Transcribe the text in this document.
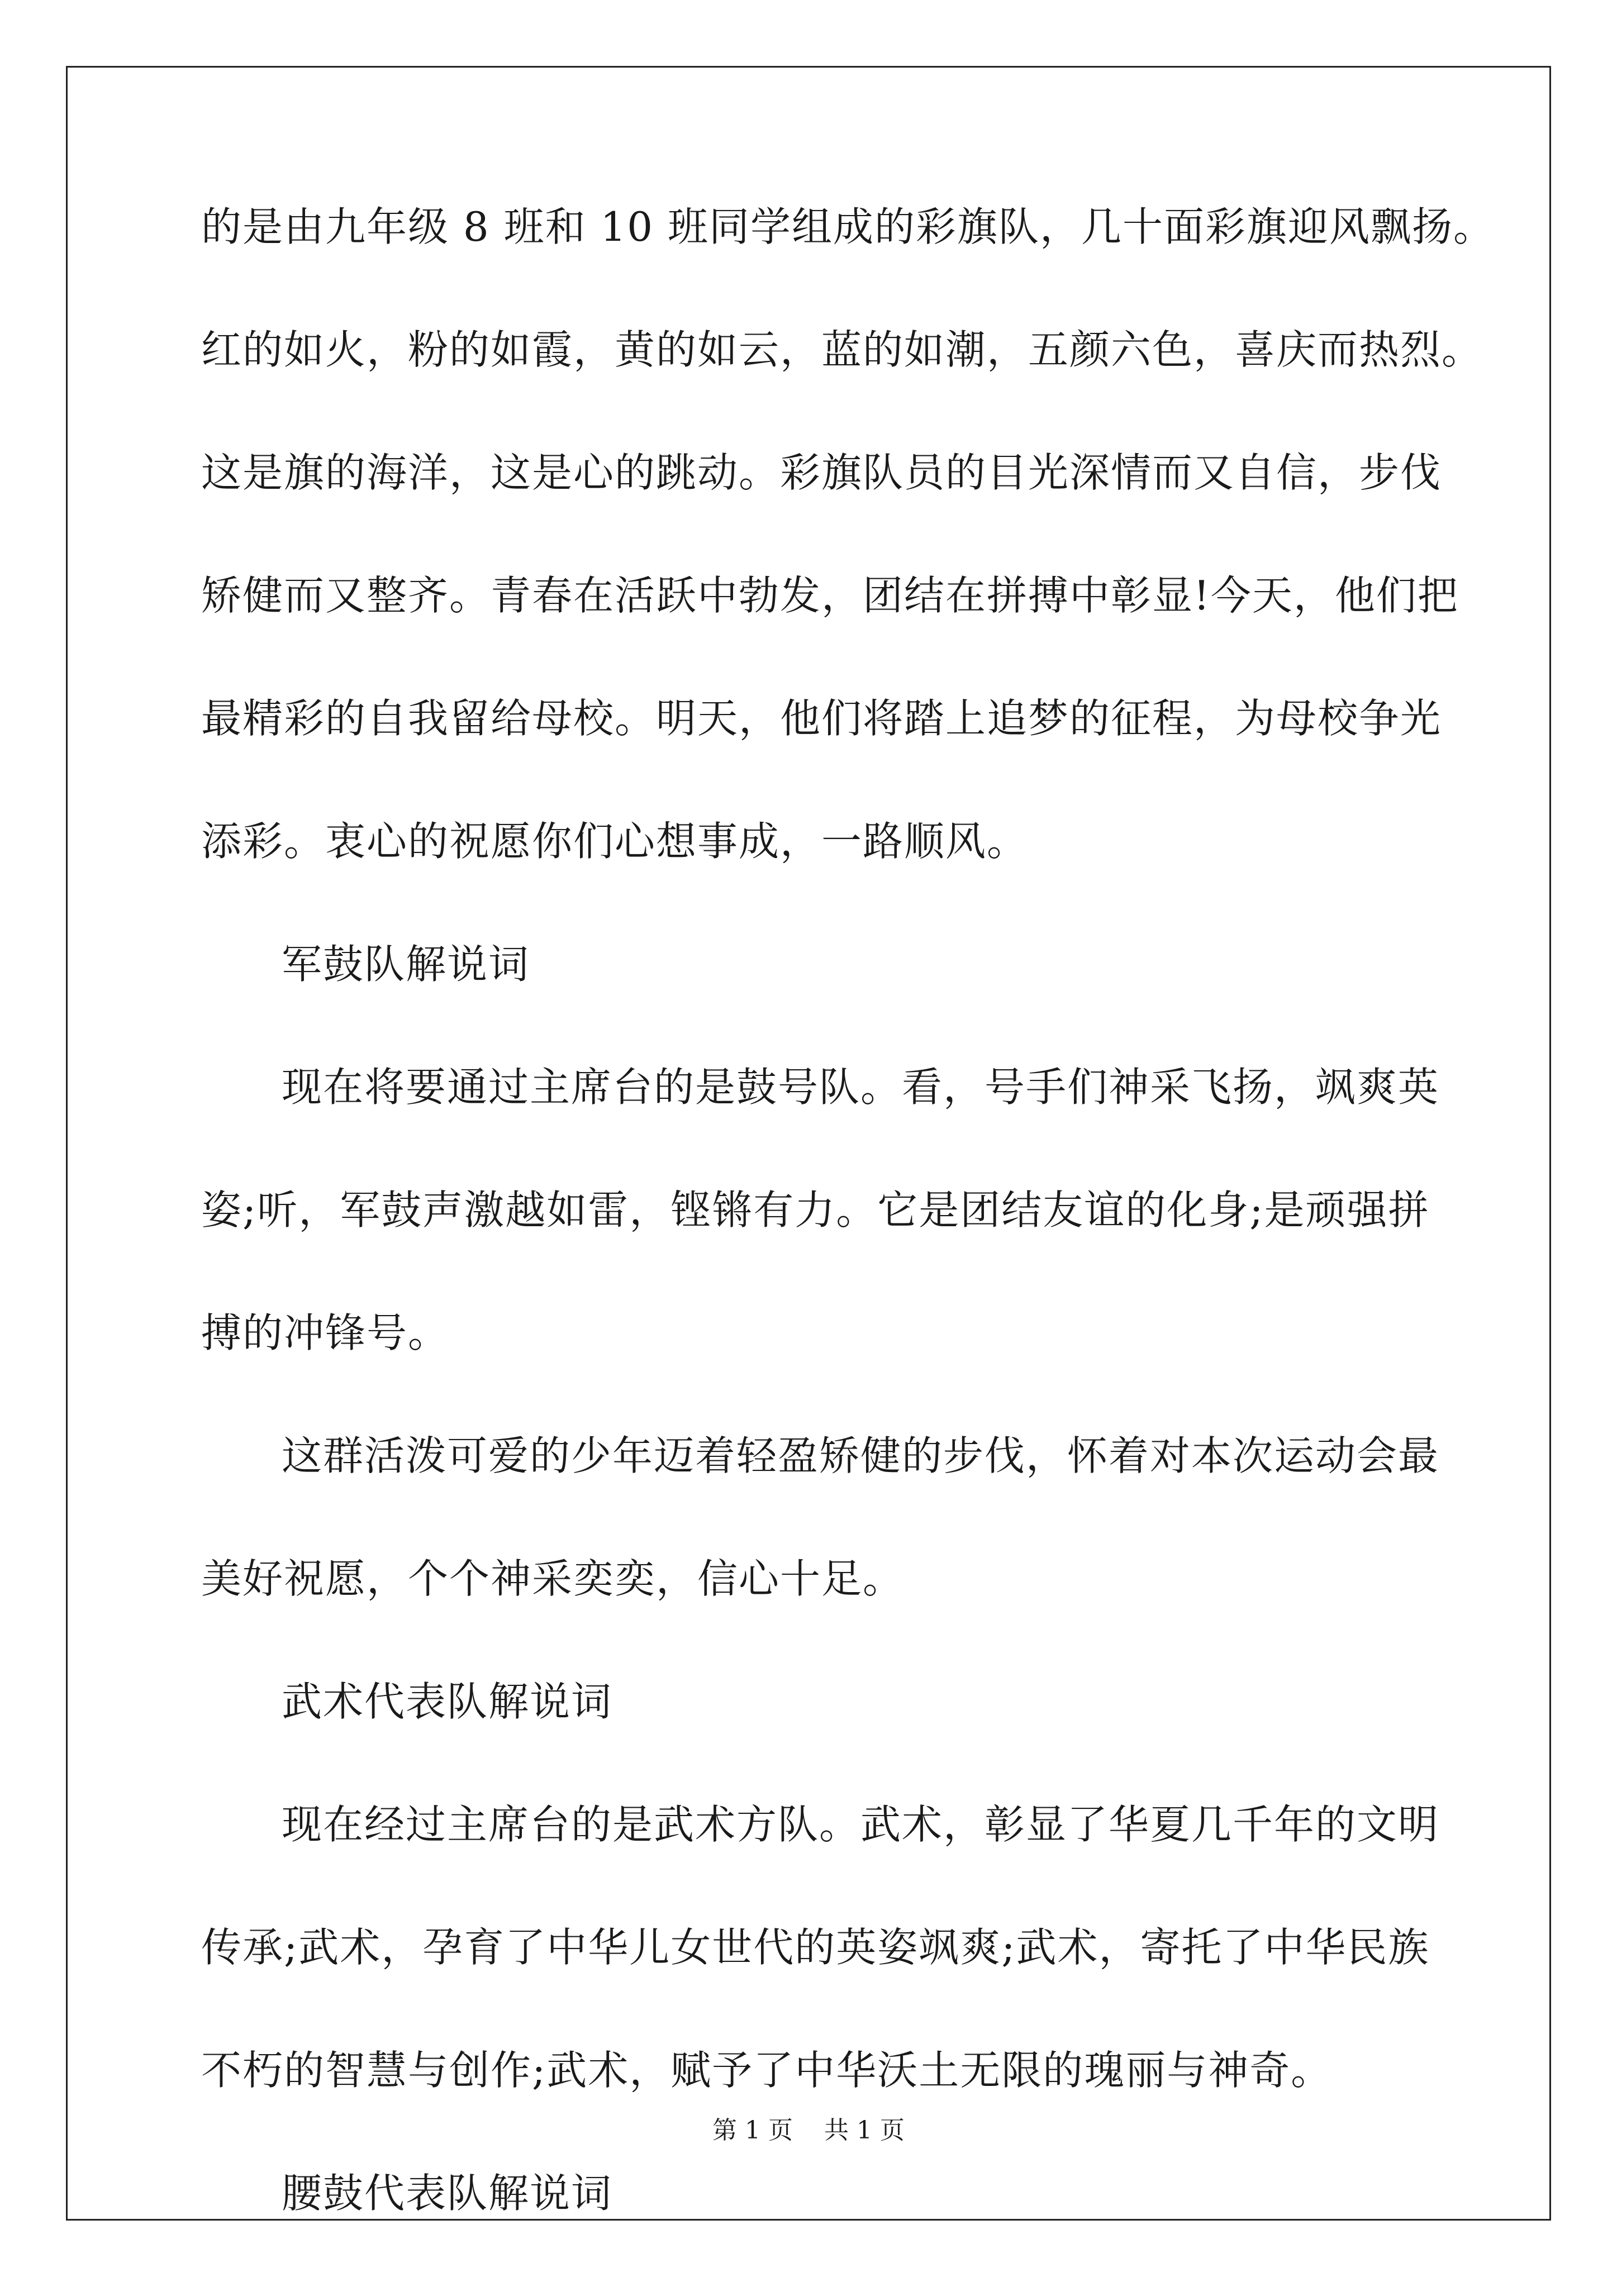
的是由九年级 8 班和 10 班同学组成的彩旗队，几十面彩旗迎风飘扬。
红的如火，粉的如霞，黄的如云，蓝的如潮，五颜六色，喜庆而热烈。
这是旗的海洋，这是心的跳动。彩旗队员的目光深情而又自信，步伐
矫健而又整齐。青春在活跃中勃发，团结在拼搏中彰显!今天，他们把
最精彩的自我留给母校。明天，他们将踏上追梦的征程，为母校争光
添彩。衷心的祝愿你们心想事成，一路顺风。
军鼓队解说词
现在将要通过主席台的是鼓号队。看，号手们神采飞扬，飒爽英
姿;听，军鼓声激越如雷，铿锵有力。它是团结友谊的化身;是顽强拼
搏的冲锋号。
这群活泼可爱的少年迈着轻盈矫健的步伐，怀着对本次运动会最
美好祝愿，个个神采奕奕，信心十足。
武术代表队解说词
现在经过主席台的是武术方队。武术，彰显了华夏几千年的文明
传承;武术，孕育了中华儿女世代的英姿飒爽;武术，寄托了中华民族
不朽的智慧与创作;武术，赋予了中华沃土无限的瑰丽与神奇。
腰鼓代表队解说词
第 1 页    共 1 页
